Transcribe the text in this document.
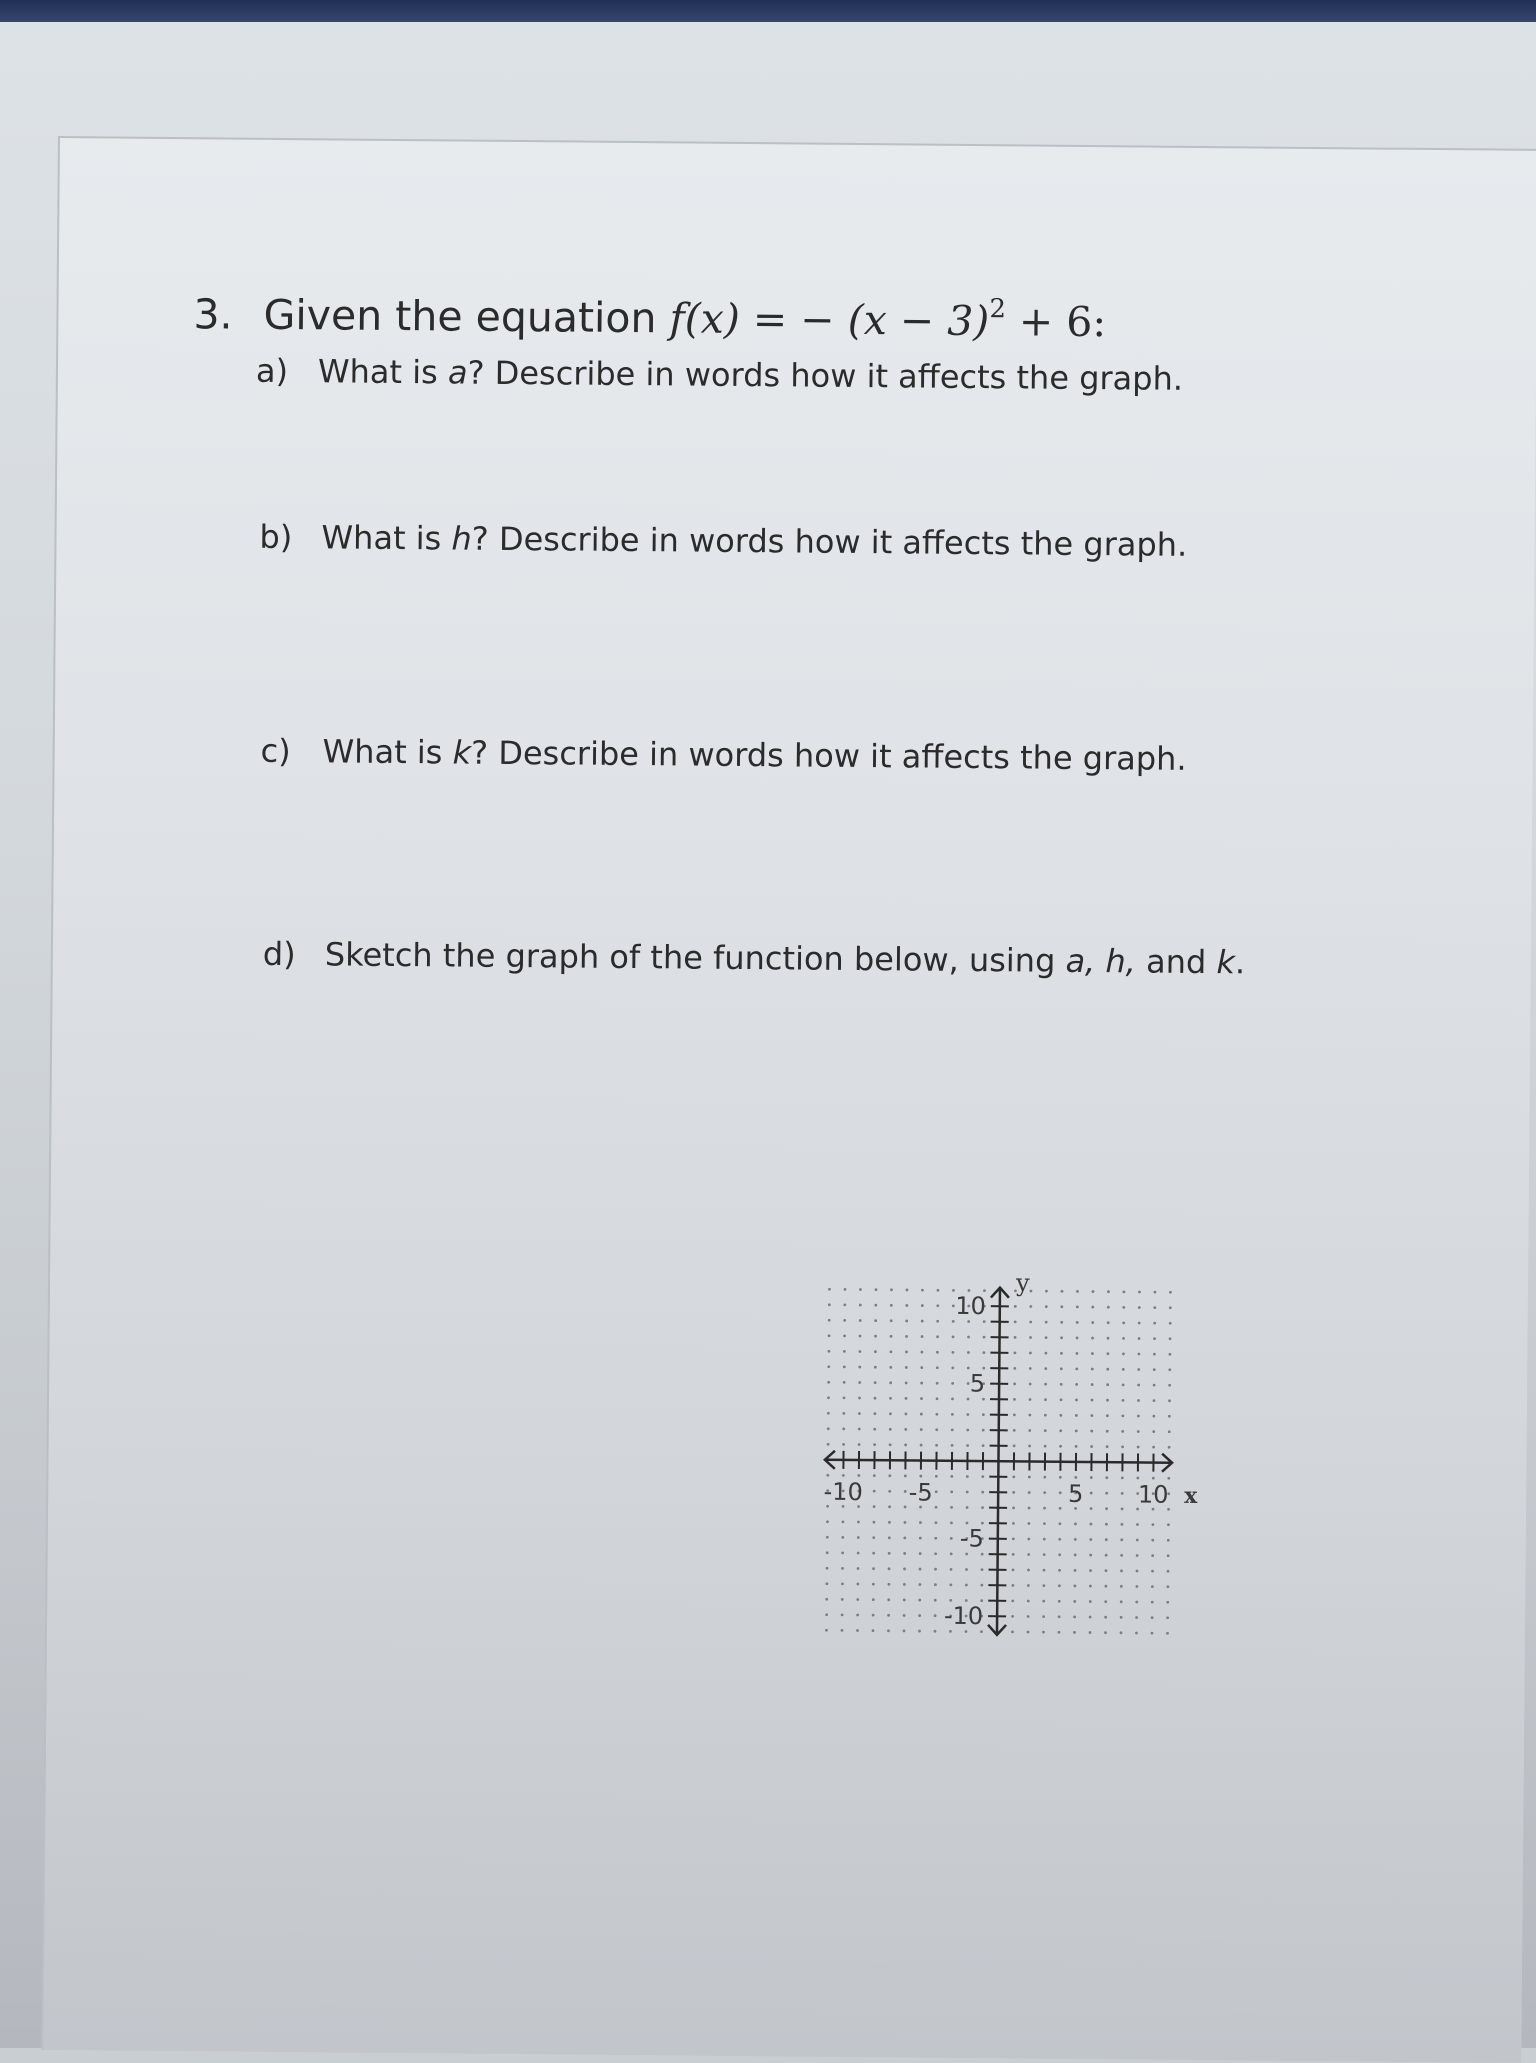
3. Given the equation f(x) = − $(x - 3)^2 + 6$:
a) What is a? Describe in words how it affects the graph.
b) What is h? Describe in words how it affects the graph.
c) What is k? Describe in words how it affects the graph.
d) Sketch the graph of the function below, using a, h, and k.
-10 -5	5 10
10
5
-5
-10
x
y
